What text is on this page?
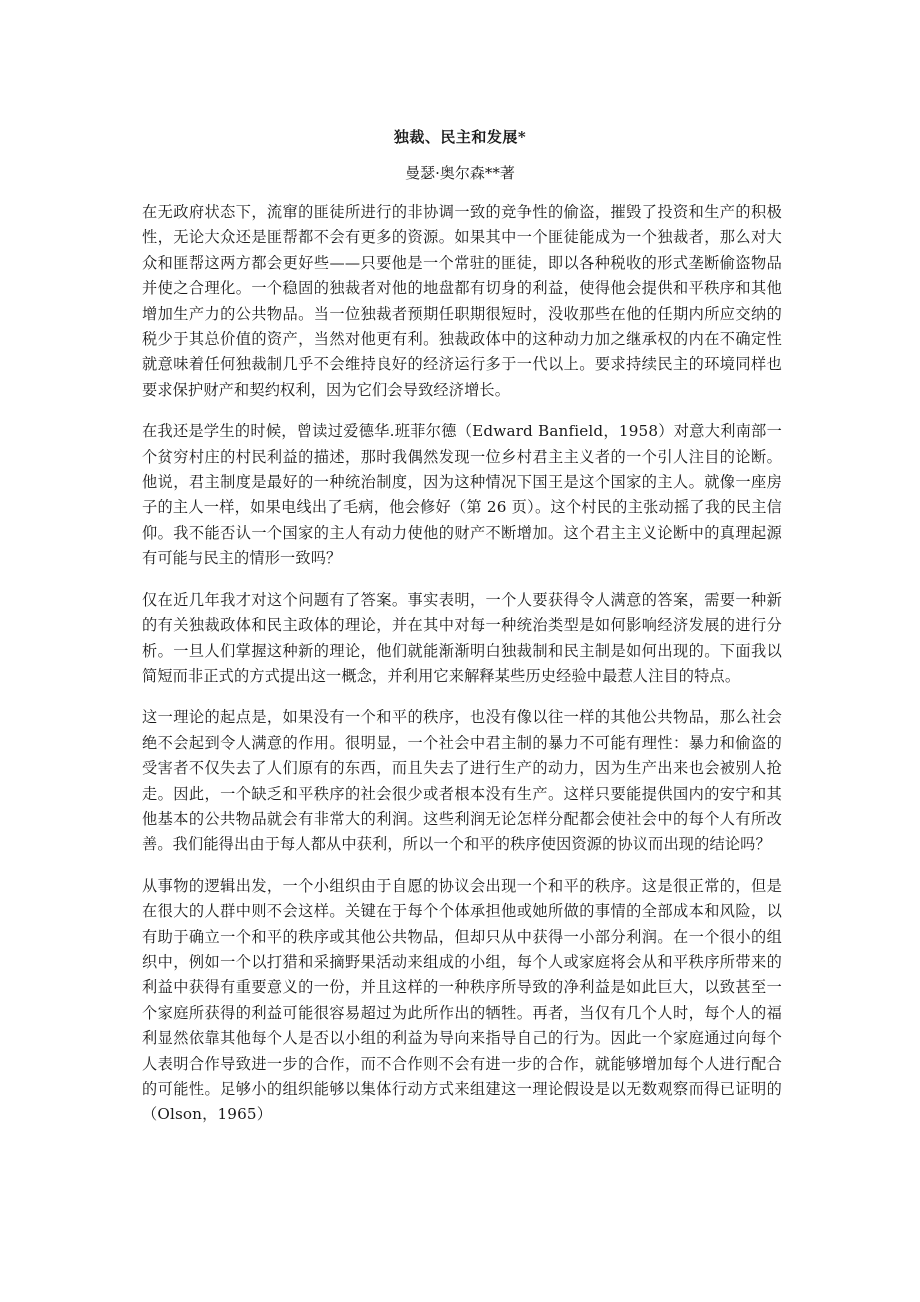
独裁、民主和发展*
曼瑟·奥尔森**著

在无政府状态下，流窜的匪徒所进行的非协调一致的竞争性的偷盗，摧毁了投资和生产的积极性，无论大众还是匪帮都不会有更多的资源。如果其中一个匪徒能成为一个独裁者，那么对大众和匪帮这两方都会更好些——只要他是一个常驻的匪徒，即以各种税收的形式垄断偷盗物品并使之合理化。一个稳固的独裁者对他的地盘都有切身的利益，使得他会提供和平秩序和其他增加生产力的公共物品。当一位独裁者预期任职期很短时，没收那些在他的任期内所应交纳的税少于其总价值的资产，当然对他更有利。独裁政体中的这种动力加之继承权的内在不确定性就意味着任何独裁制几乎不会维持良好的经济运行多于一代以上。要求持续民主的环境同样也要求保护财产和契约权利，因为它们会导致经济增长。

在我还是学生的时候，曾读过爱德华.班菲尔德（Edward Banfield，1958）对意大利南部一个贫穷村庄的村民利益的描述，那时我偶然发现一位乡村君主主义者的一个引人注目的论断。他说，君主制度是最好的一种统治制度，因为这种情况下国王是这个国家的主人。就像一座房子的主人一样，如果电线出了毛病，他会修好（第 26 页）。这个村民的主张动摇了我的民主信仰。我不能否认一个国家的主人有动力使他的财产不断增加。这个君主主义论断中的真理起源有可能与民主的情形一致吗？

仅在近几年我才对这个问题有了答案。事实表明，一个人要获得令人满意的答案，需要一种新的有关独裁政体和民主政体的理论，并在其中对每一种统治类型是如何影响经济发展的进行分析。一旦人们掌握这种新的理论，他们就能渐渐明白独裁制和民主制是如何出现的。下面我以简短而非正式的方式提出这一概念，并利用它来解释某些历史经验中最惹人注目的特点。

这一理论的起点是，如果没有一个和平的秩序，也没有像以往一样的其他公共物品，那么社会绝不会起到令人满意的作用。很明显，一个社会中君主制的暴力不可能有理性：暴力和偷盗的受害者不仅失去了人们原有的东西，而且失去了进行生产的动力，因为生产出来也会被别人抢走。因此，一个缺乏和平秩序的社会很少或者根本没有生产。这样只要能提供国内的安宁和其他基本的公共物品就会有非常大的利润。这些利润无论怎样分配都会使社会中的每个人有所改善。我们能得出由于每人都从中获利，所以一个和平的秩序使因资源的协议而出现的结论吗？

从事物的逻辑出发，一个小组织由于自愿的协议会出现一个和平的秩序。这是很正常的，但是在很大的人群中则不会这样。关键在于每个个体承担他或她所做的事情的全部成本和风险，以有助于确立一个和平的秩序或其他公共物品，但却只从中获得一小部分利润。在一个很小的组织中，例如一个以打猎和采摘野果活动来组成的小组，每个人或家庭将会从和平秩序所带来的利益中获得有重要意义的一份，并且这样的一种秩序所导致的净利益是如此巨大，以致甚至一个家庭所获得的利益可能很容易超过为此所作出的牺牲。再者，当仅有几个人时，每个人的福利显然依靠其他每个人是否以小组的利益为导向来指导自己的行为。因此一个家庭通过向每个人表明合作导致进一步的合作，而不合作则不会有进一步的合作，就能够增加每个人进行配合的可能性。足够小的组织能够以集体行动方式来组建这一理论假设是以无数观察而得已证明的（Olson，1965）
